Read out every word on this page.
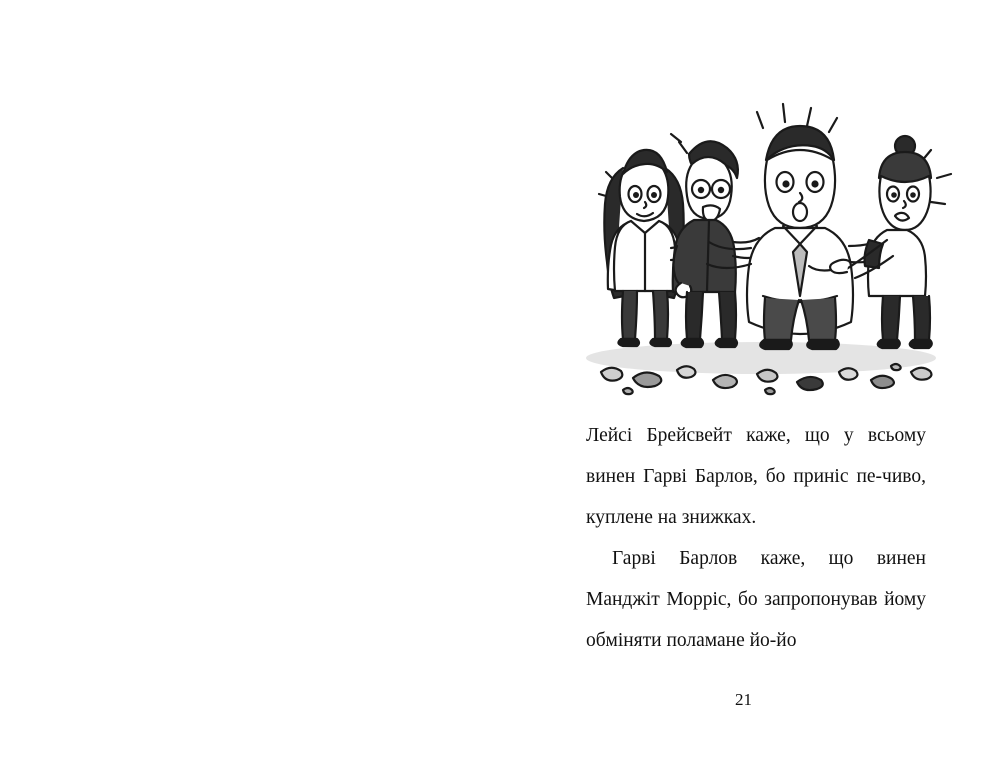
Лейсі Брейсвейт каже, що у всьому винен Гарві Барлов, бо приніс пе-чиво, куплене на знижках.

Гарві Барлов каже, що винен Манджіт Морріс, бо запропонував йому обміняти поламане йо-йо

21
